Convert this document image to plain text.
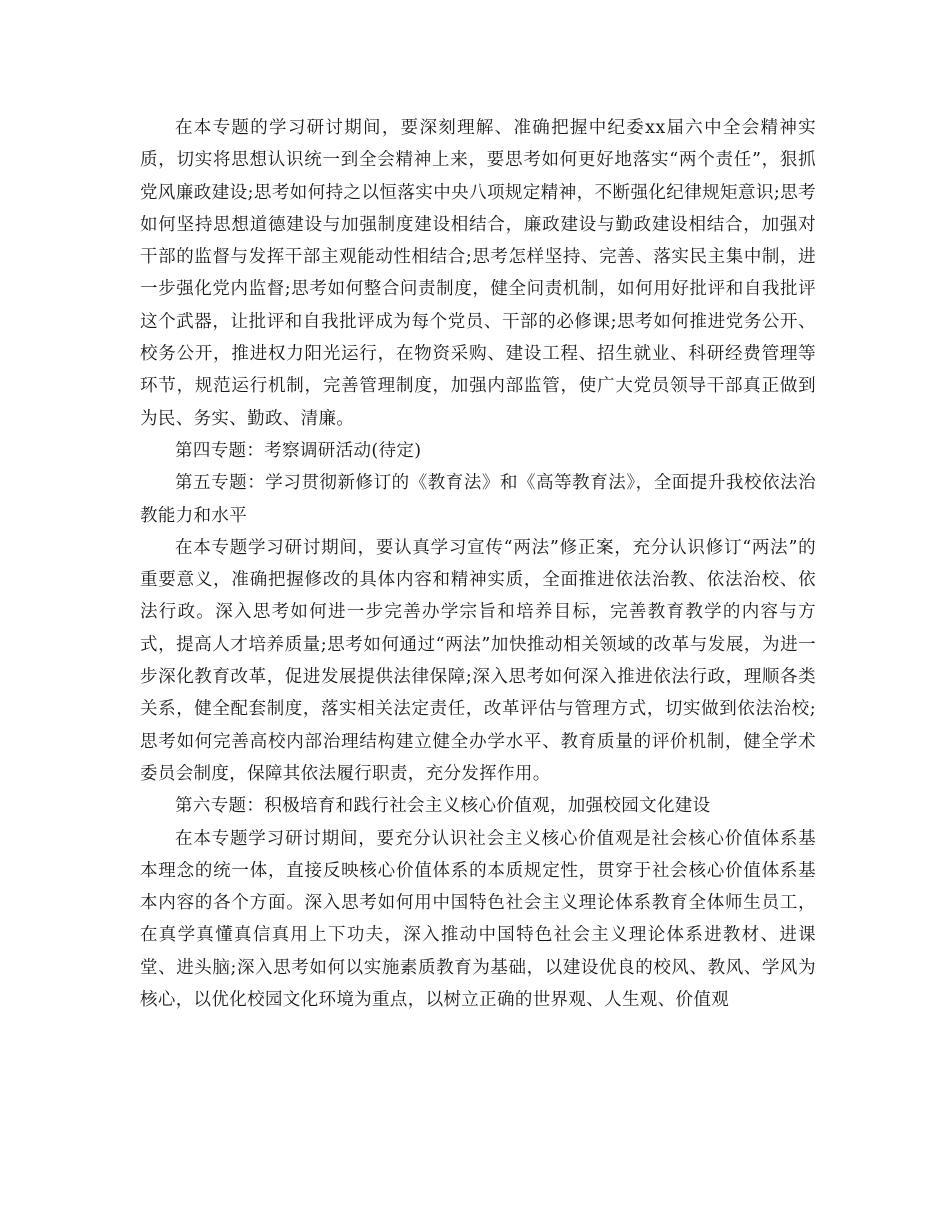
在本专题的学习研讨期间，要深刻理解、准确把握中纪委xx届六中全会精神实质，切实将思想认识统一到全会精神上来，要思考如何更好地落实“两个责任”，狠抓党风廉政建设;思考如何持之以恒落实中央八项规定精神，不断强化纪律规矩意识;思考如何坚持思想道德建设与加强制度建设相结合，廉政建设与勤政建设相结合，加强对干部的监督与发挥干部主观能动性相结合;思考怎样坚持、完善、落实民主集中制，进一步强化党内监督;思考如何整合问责制度，健全问责机制，如何用好批评和自我批评这个武器，让批评和自我批评成为每个党员、干部的必修课;思考如何推进党务公开、校务公开，推进权力阳光运行，在物资采购、建设工程、招生就业、科研经费管理等环节，规范运行机制，完善管理制度，加强内部监管，使广大党员领导干部真正做到为民、务实、勤政、清廉。

第四专题：考察调研活动(待定)

第五专题：学习贯彻新修订的《教育法》和《高等教育法》，全面提升我校依法治教能力和水平

在本专题学习研讨期间，要认真学习宣传“两法”修正案，充分认识修订“两法”的重要意义，准确把握修改的具体内容和精神实质，全面推进依法治教、依法治校、依法行政。深入思考如何进一步完善办学宗旨和培养目标，完善教育教学的内容与方式，提高人才培养质量;思考如何通过“两法”加快推动相关领域的改革与发展，为进一步深化教育改革，促进发展提供法律保障;深入思考如何深入推进依法行政，理顺各类关系，健全配套制度，落实相关法定责任，改革评估与管理方式，切实做到依法治校;思考如何完善高校内部治理结构建立健全办学水平、教育质量的评价机制，健全学术委员会制度，保障其依法履行职责，充分发挥作用。

第六专题：积极培育和践行社会主义核心价值观，加强校园文化建设

在本专题学习研讨期间，要充分认识社会主义核心价值观是社会核心价值体系基本理念的统一体，直接反映核心价值体系的本质规定性，贯穿于社会核心价值体系基本内容的各个方面。深入思考如何用中国特色社会主义理论体系教育全体师生员工，在真学真懂真信真用上下功夫，深入推动中国特色社会主义理论体系进教材、进课堂、进头脑;深入思考如何以实施素质教育为基础，以建设优良的校风、教风、学风为核心，以优化校园文化环境为重点，以树立正确的世界观、人生观、价值观
